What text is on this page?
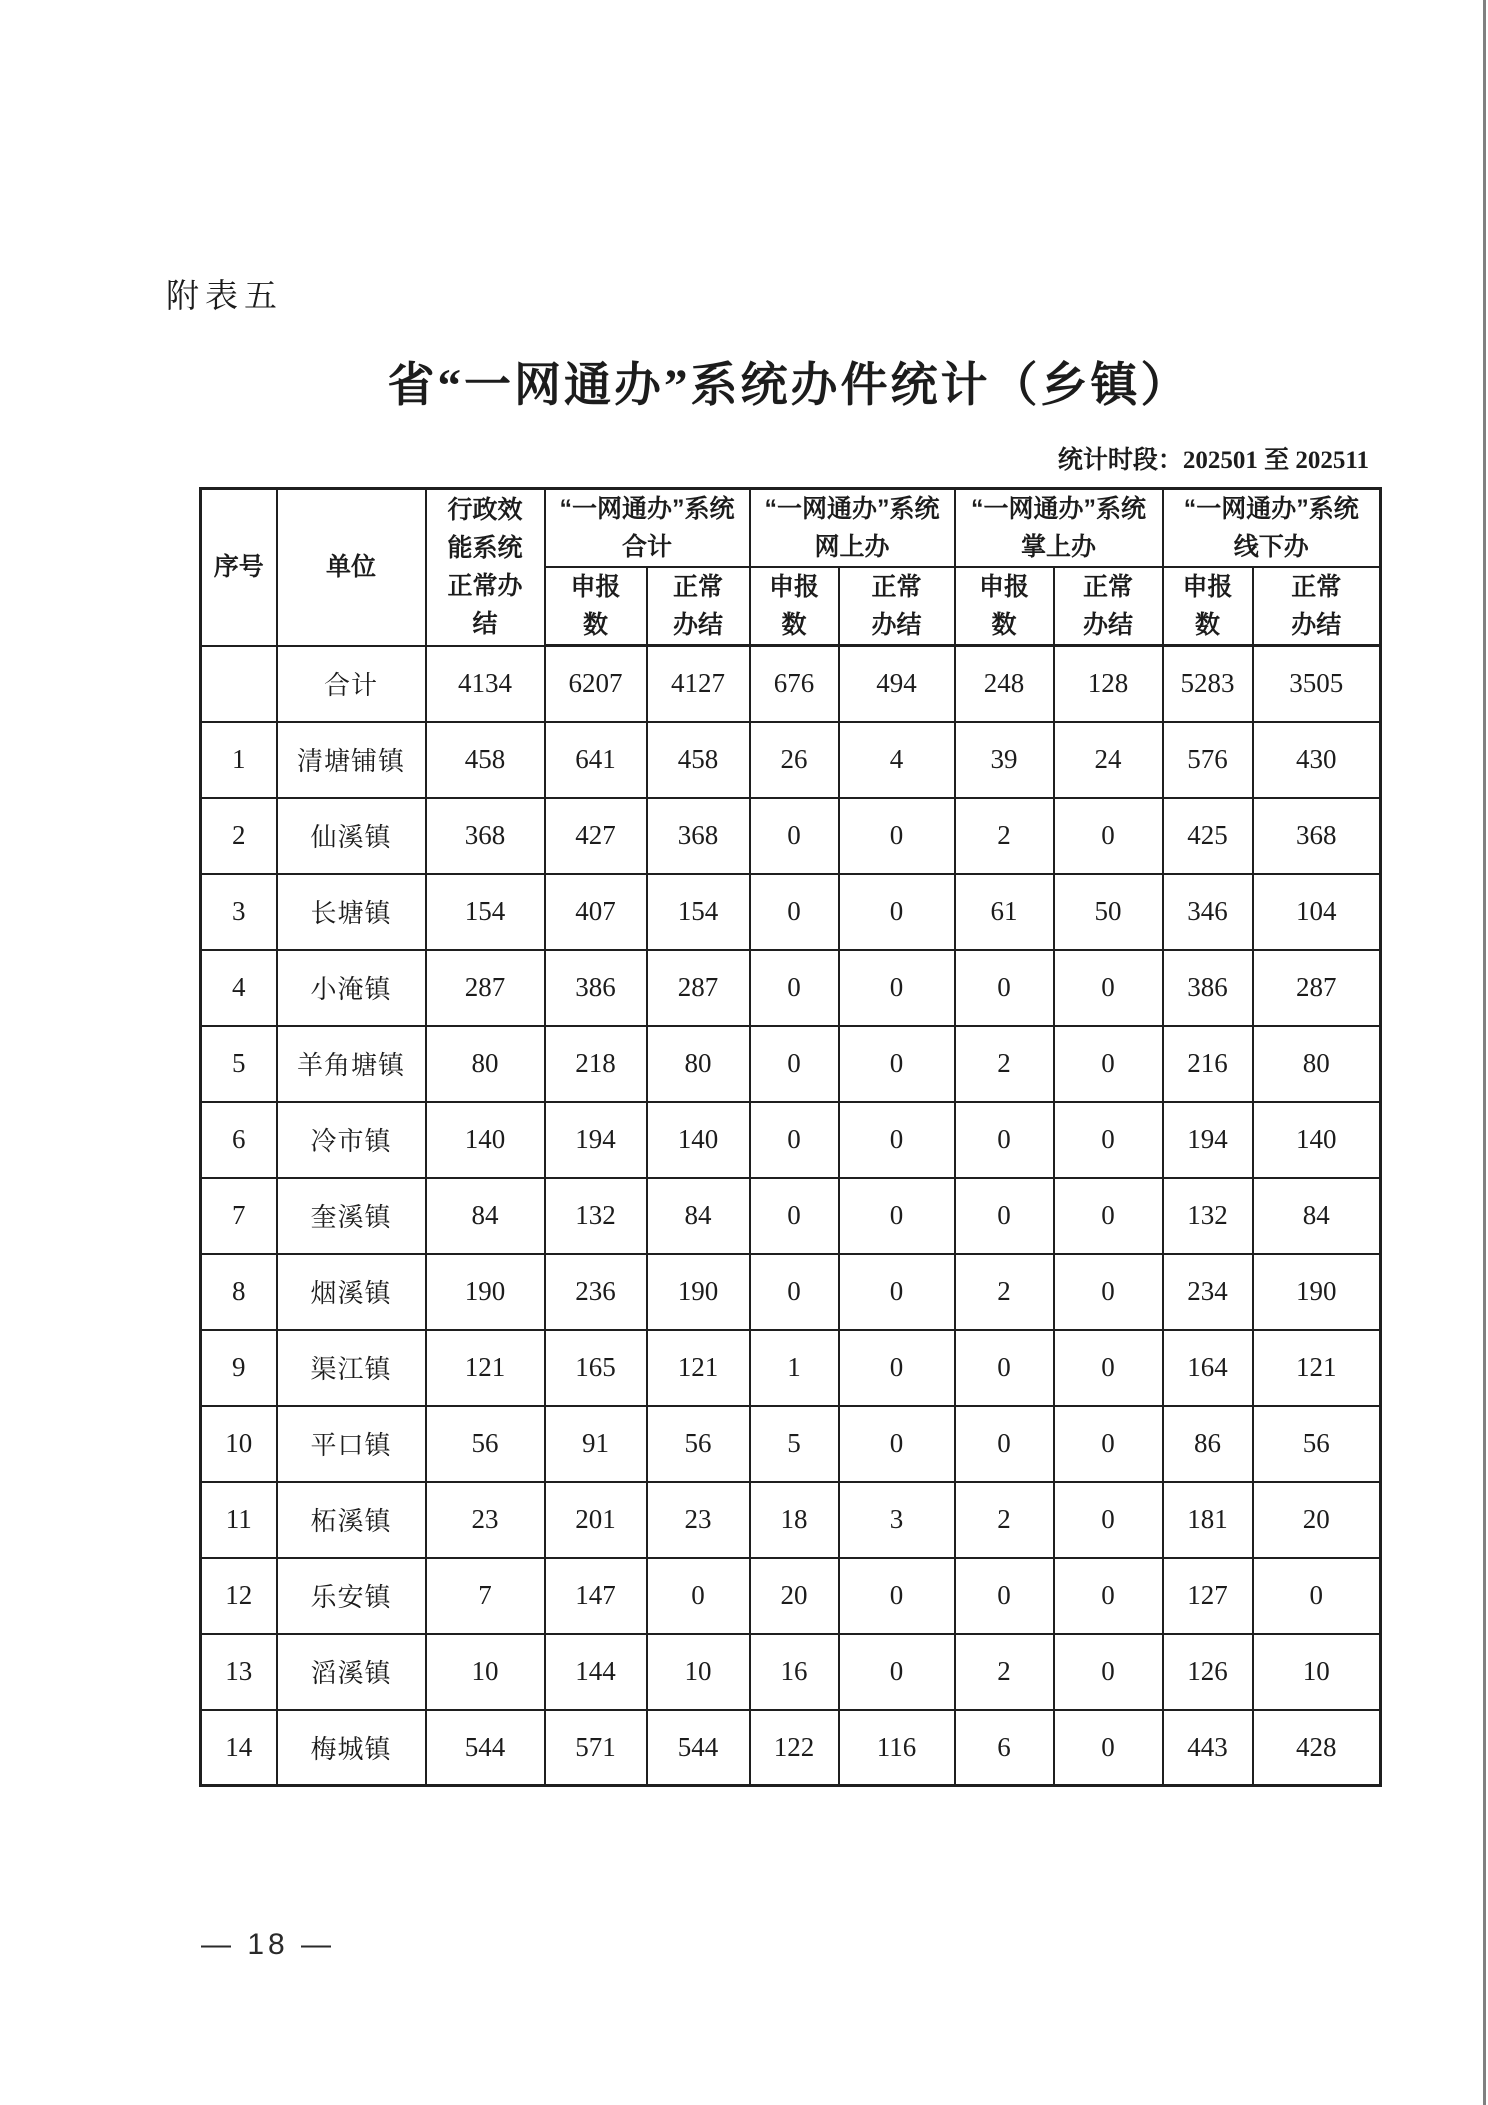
附表五
省“一网通办”系统办件统计（乡镇）
统计时段：202501 至 202511
序号	单位	行政效能系统正常办结	“一网通办”系统合计		“一网通办”系统网上办		“一网通办”系统掌上办		“一网通办”系统线下办	

			申报数	正常办结	申报数	正常办结	申报数	正常办结	申报数	正常办结

	合计	4134	6207	4127	676	494	248	128	5283	3505
1	清塘铺镇	458	641	458	26	4	39	24	576	430
2	仙溪镇	368	427	368	0	0	2	0	425	368
3	长塘镇	154	407	154	0	0	61	50	346	104
4	小淹镇	287	386	287	0	0	0	0	386	287
5	羊角塘镇	80	218	80	0	0	2	0	216	80
6	冷市镇	140	194	140	0	0	0	0	194	140
7	奎溪镇	84	132	84	0	0	0	0	132	84
8	烟溪镇	190	236	190	0	0	2	0	234	190
9	渠江镇	121	165	121	1	0	0	0	164	121
10	平口镇	56	91	56	5	0	0	0	86	56
11	柘溪镇	23	201	23	18	3	2	0	181	20
12	乐安镇	7	147	0	20	0	0	0	127	0
13	滔溪镇	10	144	10	16	0	2	0	126	10
14	梅城镇	544	571	544	122	116	6	0	443	428
— 18 —
